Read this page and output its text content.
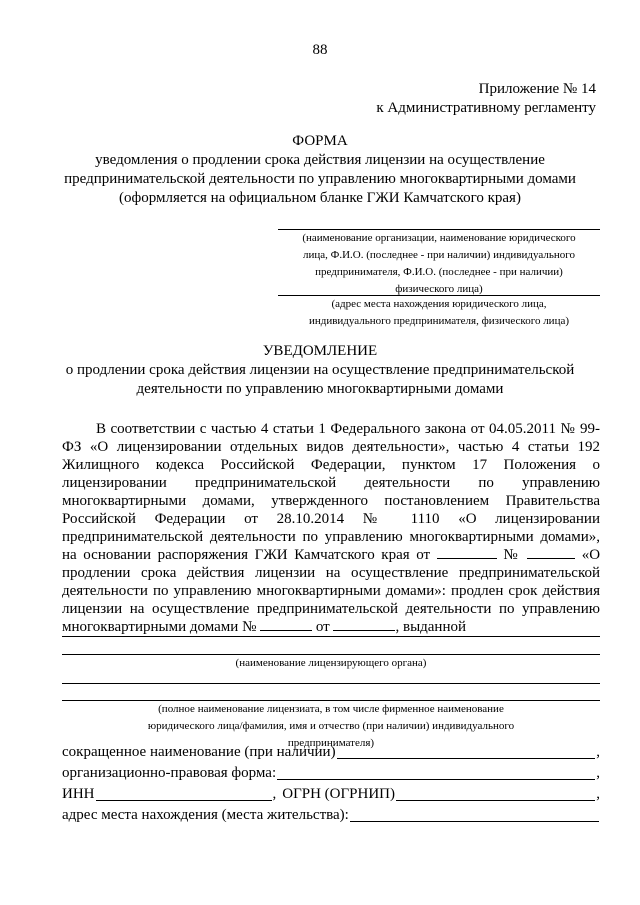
88
Приложение № 14
к Административному регламенту
ФОРМА
уведомления о продлении срока действия лицензии на осуществление
предпринимательской деятельности по управлению многоквартирными домами
(оформляется на официальном бланке ГЖИ Камчатского края)
(наименование организации, наименование юридического
лица, Ф.И.О. (последнее - при наличии) индивидуального
предпринимателя, Ф.И.О. (последнее - при наличии)
физического лица)
(адрес места нахождения юридического лица,
индивидуального предпринимателя, физического лица)
УВЕДОМЛЕНИЕ
о продлении срока действия лицензии на осуществление предпринимательской
деятельности по управлению многоквартирными домами

В соответствии с частью 4 статьи 1 Федерального закона от 04.05.2011 № 99-ФЗ «О лицензировании отдельных видов деятельности», частью 4 статьи 192 Жилищного кодекса Российской Федерации, пунктом 17 Положения о лицензировании предпринимательской деятельности по управлению многоквартирными домами, утвержденного постановлением Правительства Российской Федерации от 28.10.2014 № 1110 «О лицензировании предпринимательской деятельности по управлению многоквартирными домами», на основании распоряжения ГЖИ Камчатского края от	№	«О продлении срока действия лицензии на осуществление предпринимательской деятельности по управлению многоквартирными домами»: продлен срок действия лицензии на осуществление предпринимательской деятельности по управлению многоквартирными домами №	от	, выданной

(наименование лицензирующего органа)
(полное наименование лицензиата, в том числе фирменное наименование
юридического лица/фамилия, имя и отчество (при наличии) индивидуального
предпринимателя)
сокращенное наименование (при наличии)	,
организационно-правовая форма:	,
ИНН	, ОГРН (ОГРНИП)	,
адрес места нахождения (места жительства):
